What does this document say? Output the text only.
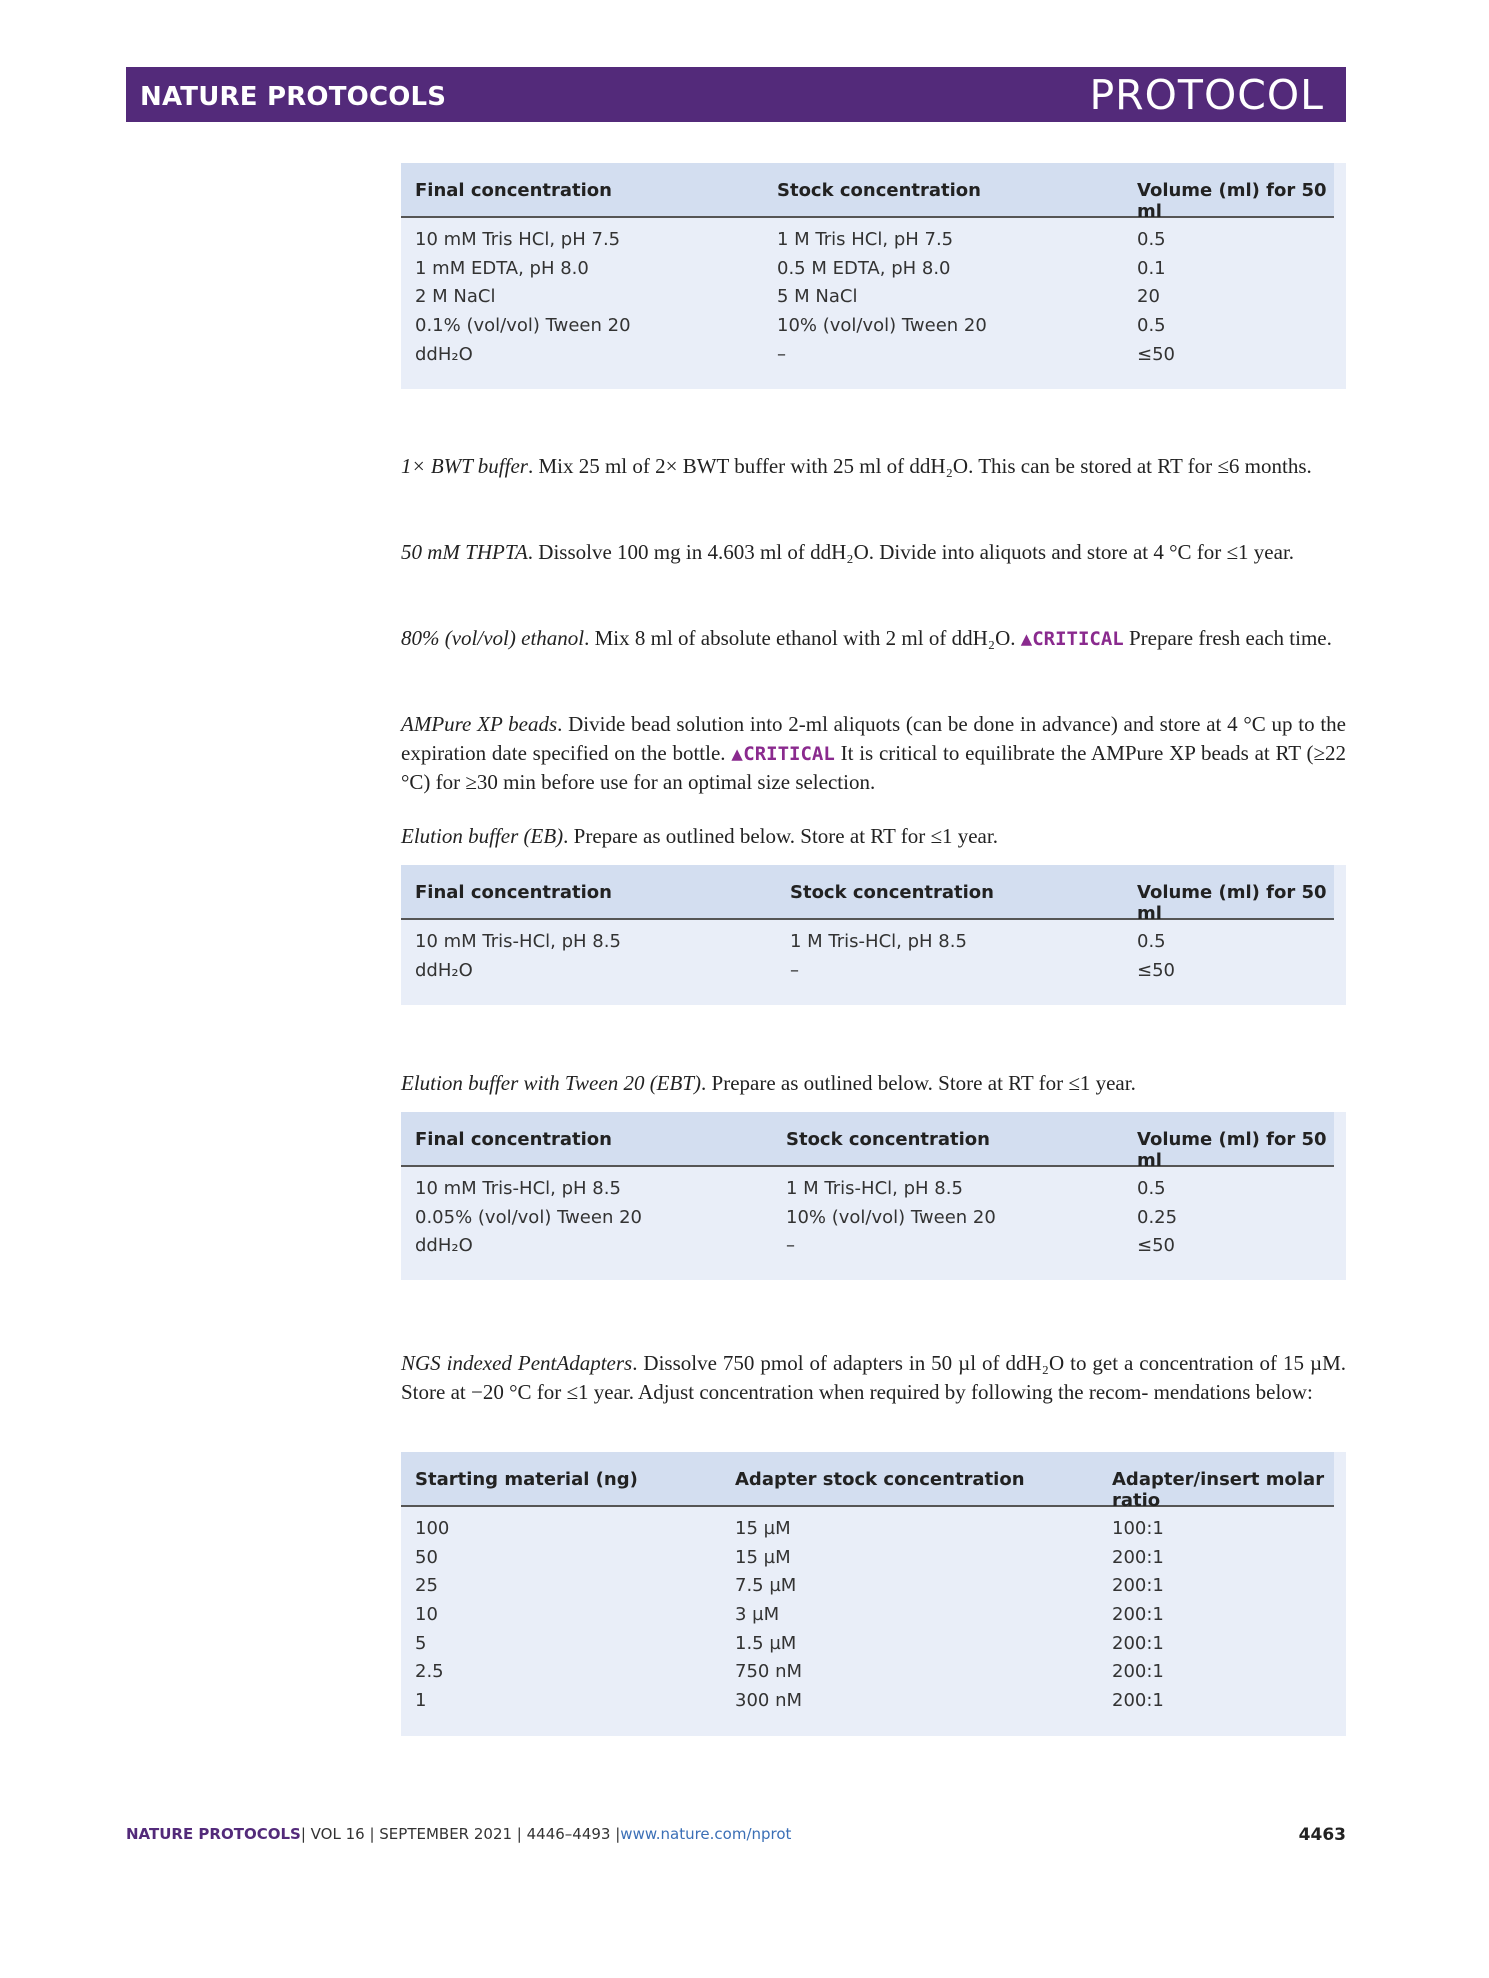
NATURE PROTOCOLS	PROTOCOL
Final concentration	Stock concentration	Volume (ml) for 50 ml
10 mM Tris HCl, pH 7.5	1 M Tris HCl, pH 7.5	0.5
1 mM EDTA, pH 8.0	0.5 M EDTA, pH 8.0	0.1
2 M NaCl	5 M NaCl	20
0.1% (vol/vol) Tween 20	10% (vol/vol) Tween 20	0.5
ddH₂O	–	≤50
1× BWT buffer. Mix 25 ml of 2× BWT buffer with 25 ml of ddH₂O. This can be stored at RT for ≤6 months.
50 mM THPTA. Dissolve 100 mg in 4.603 ml of ddH₂O. Divide into aliquots and store at 4 °C for ≤1 year.
80% (vol/vol) ethanol. Mix 8 ml of absolute ethanol with 2 ml of ddH₂O. ▲CRITICAL Prepare fresh each time.
AMPure XP beads. Divide bead solution into 2-ml aliquots (can be done in advance) and store at 4 °C up to the expiration date specified on the bottle. ▲CRITICAL It is critical to equilibrate the AMPure XP beads at RT (≥22 °C) for ≥30 min before use for an optimal size selection.
Elution buffer (EB). Prepare as outlined below. Store at RT for ≤1 year.
Final concentration	Stock concentration	Volume (ml) for 50 ml
10 mM Tris-HCl, pH 8.5	1 M Tris-HCl, pH 8.5	0.5
ddH₂O	–	≤50
Elution buffer with Tween 20 (EBT). Prepare as outlined below. Store at RT for ≤1 year.
Final concentration	Stock concentration	Volume (ml) for 50 ml
10 mM Tris-HCl, pH 8.5	1 M Tris-HCl, pH 8.5	0.5
0.05% (vol/vol) Tween 20	10% (vol/vol) Tween 20	0.25
ddH₂O	–	≤50
NGS indexed PentAdapters. Dissolve 750 pmol of adapters in 50 µl of ddH₂O to get a concentration of 15 µM. Store at −20 °C for ≤1 year. Adjust concentration when required by following the recom- mendations below:
Starting material (ng)	Adapter stock concentration	Adapter/insert molar ratio
100	15 µM	100:1
50	15 µM	200:1
25	7.5 µM	200:1
10	3 µM	200:1
5	1.5 µM	200:1
2.5	750 nM	200:1
1	300 nM	200:1
NATURE PROTOCOLS| VOL 16 | SEPTEMBER 2021 | 4446–4493 |www.nature.com/nprot	4463
